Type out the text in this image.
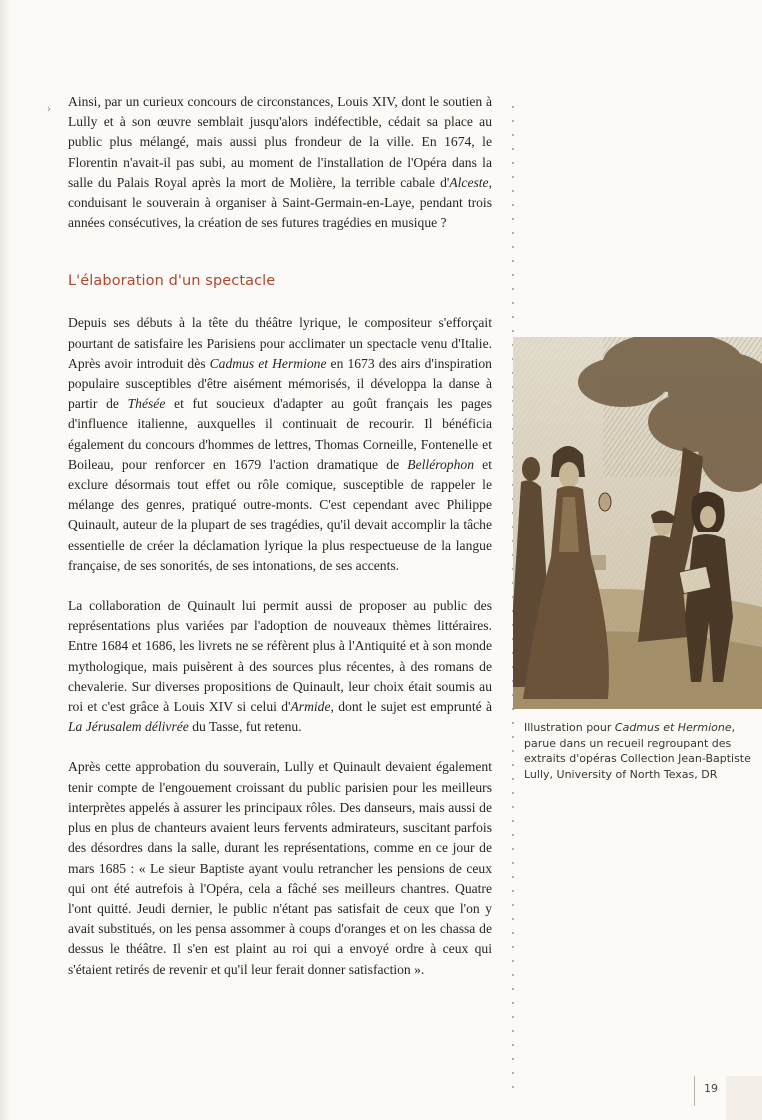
›

Ainsi, par un curieux concours de circonstances, Louis XIV, dont le soutien à Lully et à son œuvre semblait jusqu'alors indéfectible, cédait sa place au public plus mélangé, mais aussi plus frondeur de la ville. En 1674, le Florentin n'avait-il pas subi, au moment de l'installation de l'Opéra dans la salle du Palais Royal après la mort de Molière, la terrible cabale d'Alceste, conduisant le souverain à organiser à Saint-Germain-en-Laye, pendant trois années consécutives, la création de ses futures tragédies en musique ?

L'élaboration d'un spectacle

Depuis ses débuts à la tête du théâtre lyrique, le compositeur s'efforçait pourtant de satisfaire les Parisiens pour acclimater un spectacle venu d'Italie. Après avoir introduit dès Cadmus et Hermione en 1673 des airs d'inspiration populaire susceptibles d'être aisément mémorisés, il développa la danse à partir de Thésée et fut soucieux d'adapter au goût français les pages d'influence italienne, auxquelles il continuait de recourir. Il bénéficia également du concours d'hommes de lettres, Thomas Corneille, Fontenelle et Boileau, pour renforcer en 1679 l'action dramatique de Bellérophon et exclure désormais tout effet ou rôle comique, susceptible de rappeler le mélange des genres, pratiqué outre-monts. C'est cependant avec Philippe Quinault, auteur de la plupart de ses tragédies, qu'il devait accomplir la tâche essentielle de créer la déclamation lyrique la plus respectueuse de la langue française, de ses sonorités, de ses intonations, de ses accents.

La collaboration de Quinault lui permit aussi de proposer au public des représentations plus variées par l'adoption de nouveaux thèmes littéraires. Entre 1684 et 1686, les livrets ne se réfèrent plus à l'Antiquité et à son monde mythologique, mais puisèrent à des sources plus récentes, à des romans de chevalerie. Sur diverses propositions de Quinault, leur choix était soumis au roi et c'est grâce à Louis XIV si celui d'Armide, dont le sujet est emprunté à La Jérusalem délivrée du Tasse, fut retenu.

Après cette approbation du souverain, Lully et Quinault devaient également tenir compte de l'engouement croissant du public parisien pour les meilleurs interprètes appelés à assurer les principaux rôles. Des danseurs, mais aussi de plus en plus de chanteurs avaient leurs fervents admirateurs, suscitant parfois des désordres dans la salle, durant les représentations, comme en ce jour de mars 1685 : « Le sieur Baptiste ayant voulu retrancher les pensions de ceux qui ont été autrefois à l'Opéra, cela a fâché ses meilleurs chantres. Quatre l'ont quitté. Jeudi dernier, le public n'étant pas satisfait de ceux que l'on y avait substitués, on les pensa assommer à coups d'oranges et on les chassa de dessus le théâtre. Il s'en est plaint au roi qui a envoyé ordre à ceux qui s'étaient retirés de revenir et qu'il leur ferait donner satisfaction ».

Illustration pour Cadmus et Hermione, parue dans un recueil regroupant des extraits d'opéras Collection Jean-Baptiste Lully, University of North Texas, DR
19
